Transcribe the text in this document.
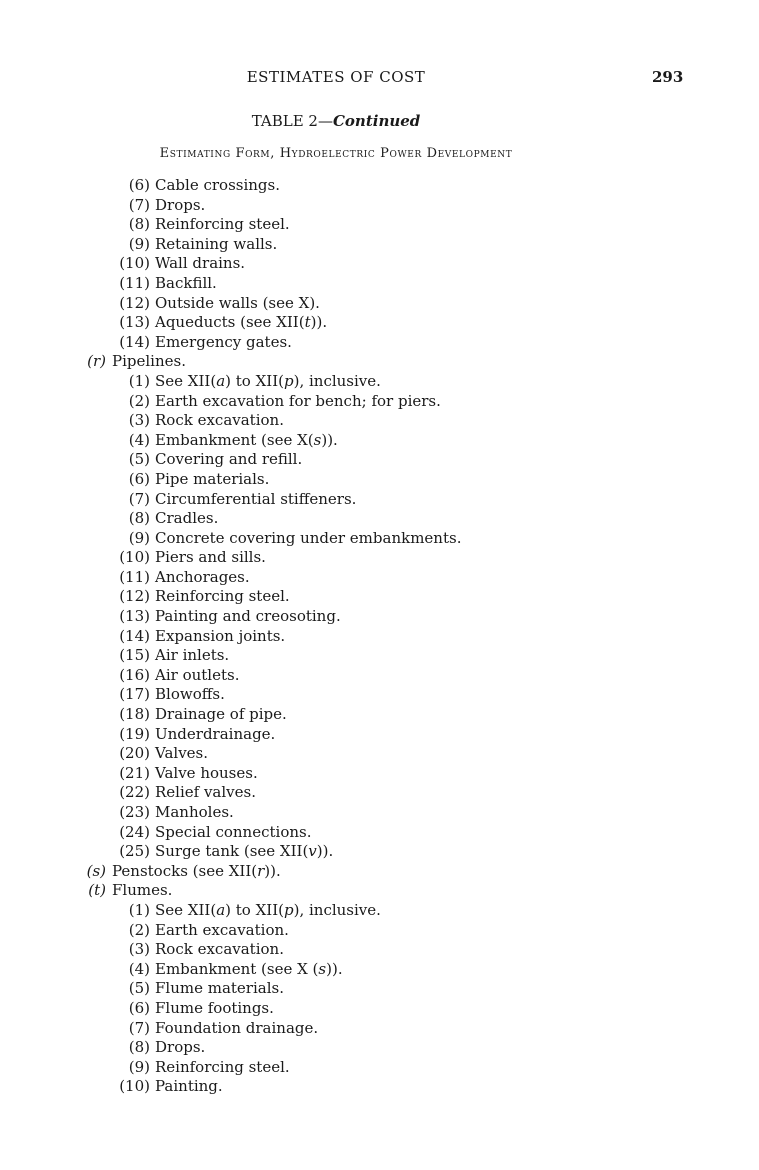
ESTIMATES OF COST	293
TABLE 2—Continued
Estimating Form, Hydroelectric Power Development
(6) Cable crossings.
(7) Drops.
(8) Reinforcing steel.
(9) Retaining walls.
(10) Wall drains.
(11) Backfill.
(12) Outside walls (see X).
(13) Aqueducts (see XII(t)).
(14) Emergency gates.
(r) Pipelines.
(1) See XII(a) to XII(p), inclusive.
(2) Earth excavation for bench; for piers.
(3) Rock excavation.
(4) Embankment (see X(s)).
(5) Covering and refill.
(6) Pipe materials.
(7) Circumferential stiffeners.
(8) Cradles.
(9) Concrete covering under embankments.
(10) Piers and sills.
(11) Anchorages.
(12) Reinforcing steel.
(13) Painting and creosoting.
(14) Expansion joints.
(15) Air inlets.
(16) Air outlets.
(17) Blowoffs.
(18) Drainage of pipe.
(19) Underdrainage.
(20) Valves.
(21) Valve houses.
(22) Relief valves.
(23) Manholes.
(24) Special connections.
(25) Surge tank (see XII(v)).
(s) Penstocks (see XII(r)).
(t) Flumes.
(1) See XII(a) to XII(p), inclusive.
(2) Earth excavation.
(3) Rock excavation.
(4) Embankment (see X (s)).
(5) Flume materials.
(6) Flume footings.
(7) Foundation drainage.
(8) Drops.
(9) Reinforcing steel.
(10) Painting.
